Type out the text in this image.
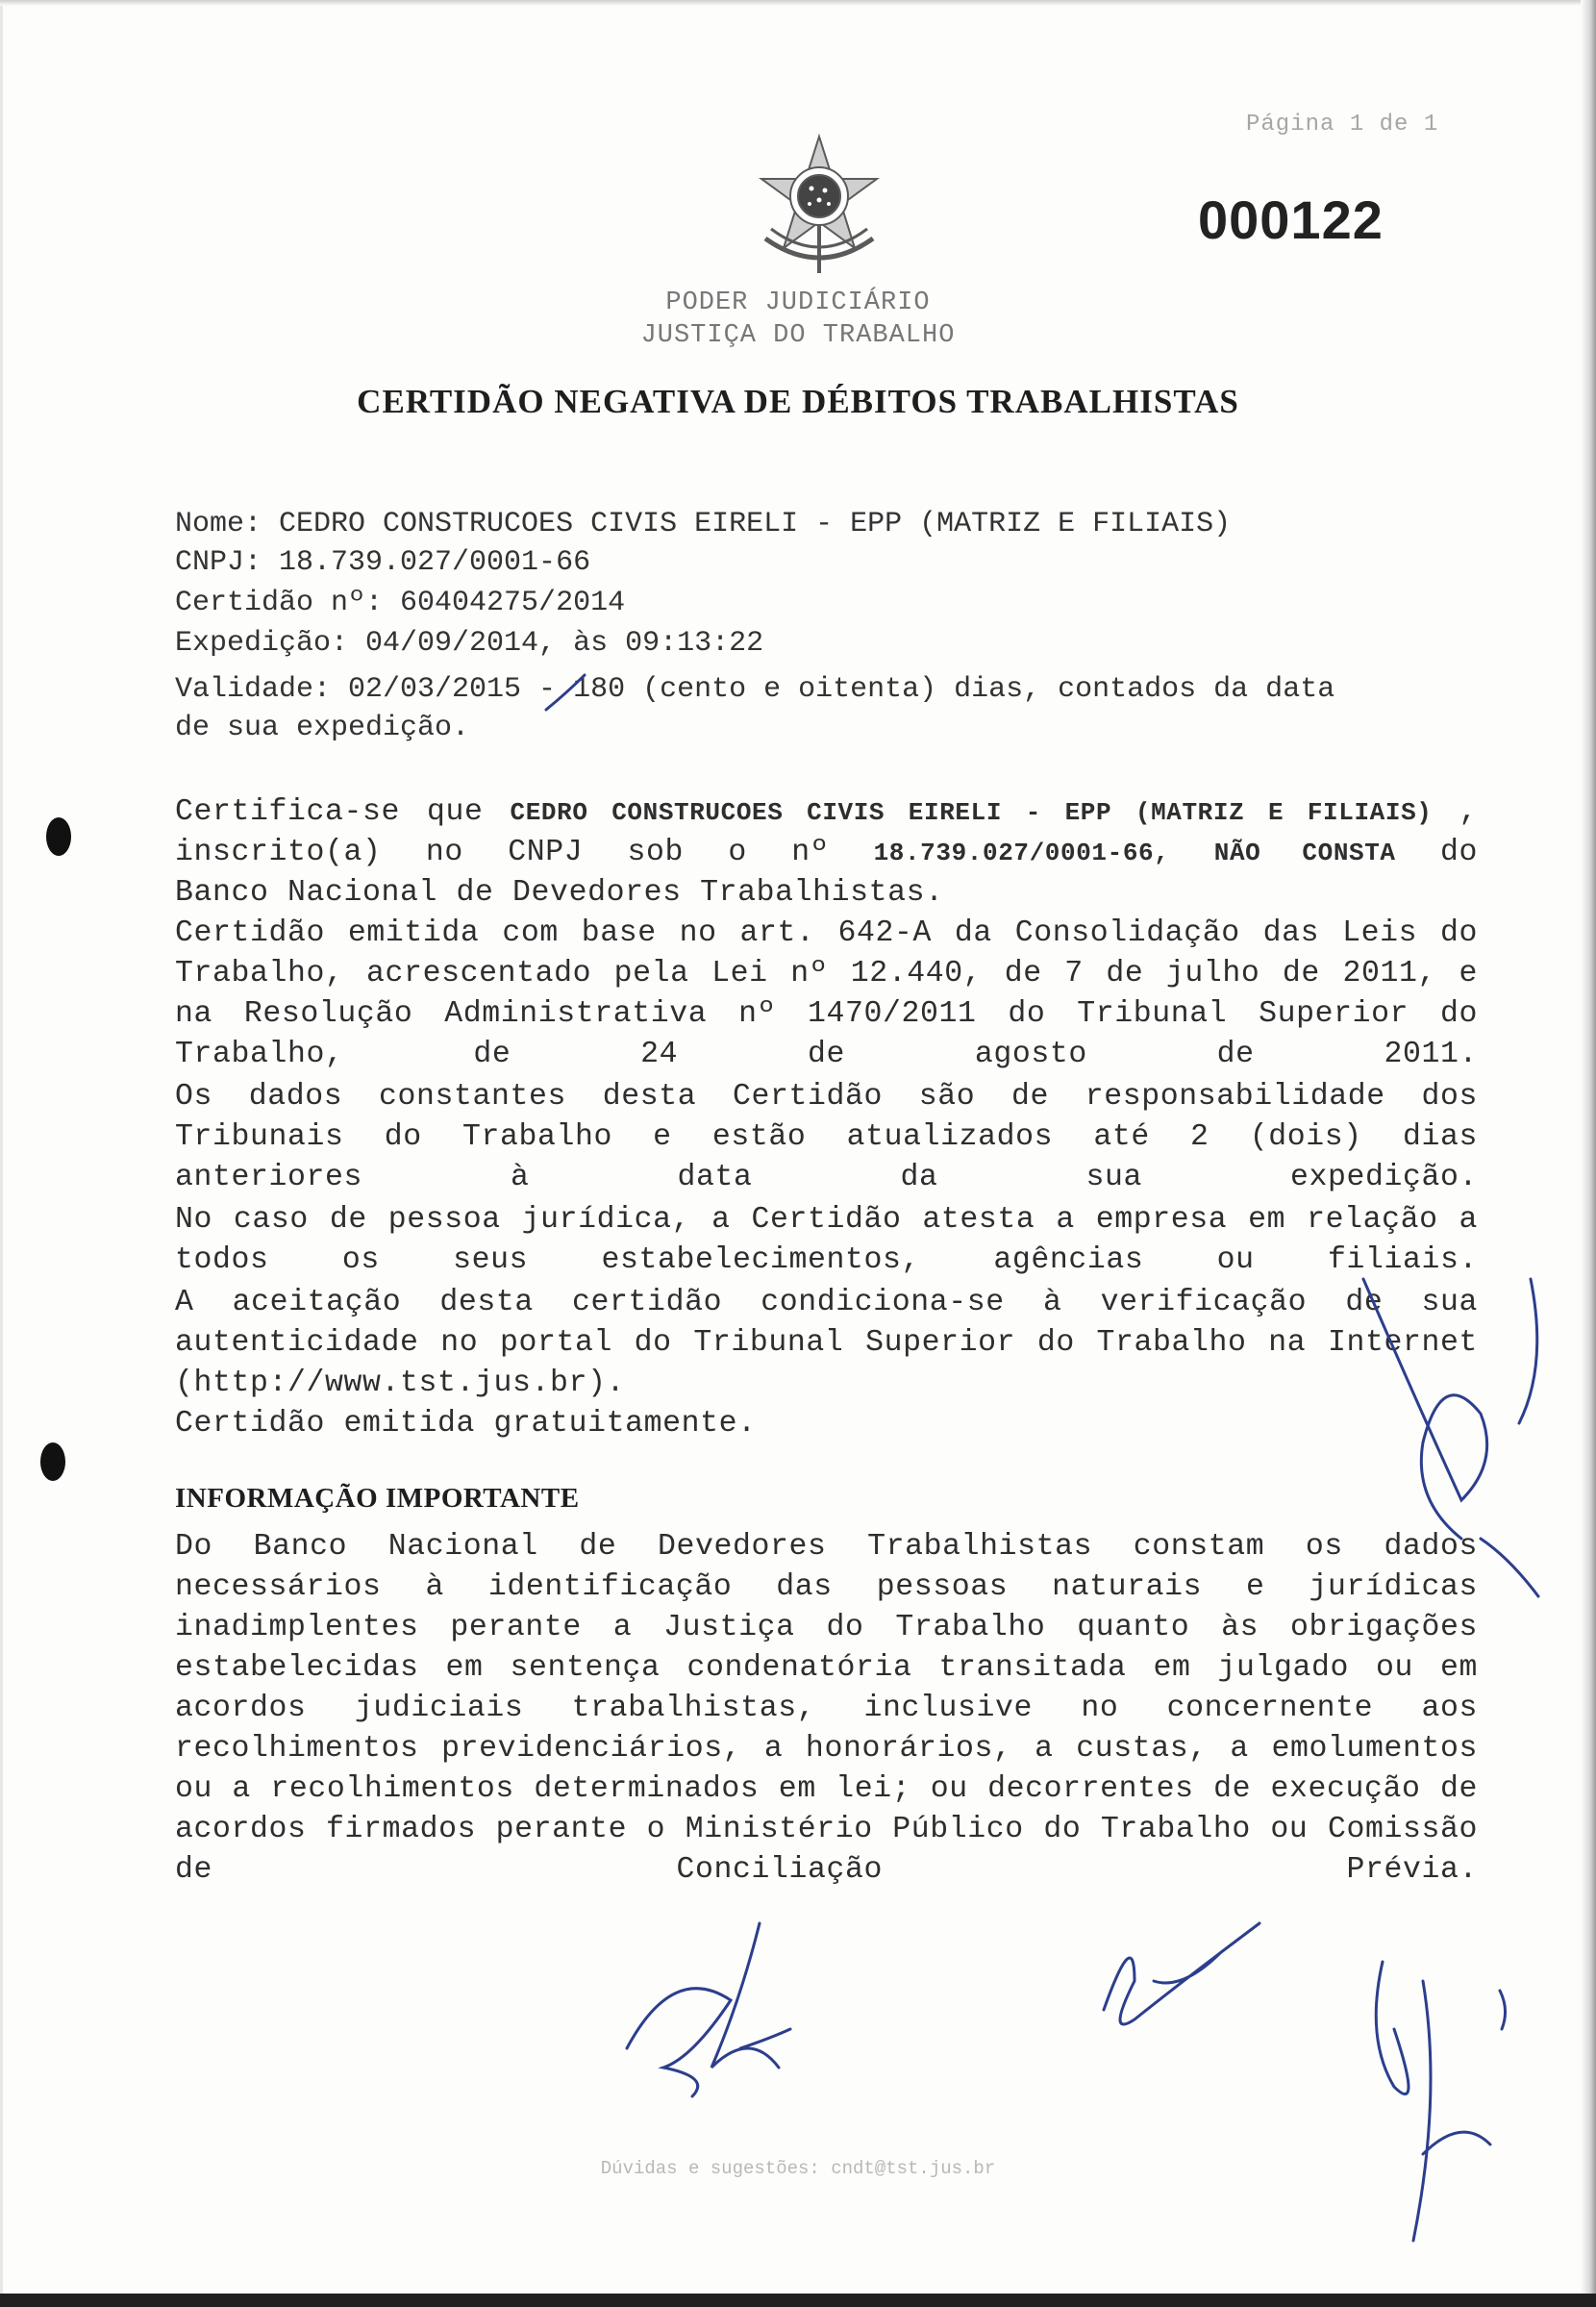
Página 1 de 1
000122
PODER JUDICIÁRIO
JUSTIÇA DO TRABALHO
CERTIDÃO NEGATIVA DE DÉBITOS TRABALHISTAS
Nome: CEDRO CONSTRUCOES CIVIS EIRELI - EPP (MATRIZ E FILIAIS)
CNPJ: 18.739.027/0001-66
Certidão nº: 60404275/2014
Expedição: 04/09/2014, às 09:13:22
Validade: 02/03/2015 - 180 (cento e oitenta) dias, contados da data
de sua expedição.
Certifica-se que CEDRO CONSTRUCOES CIVIS EIRELI - EPP (MATRIZ E FILIAIS) , inscrito(a) no CNPJ sob o nº 18.739.027/0001-66, NÃO CONSTA do
Banco Nacional de Devedores Trabalhistas.
Certidão emitida com base no art. 642-A da Consolidação das Leis do Trabalho, acrescentado pela Lei nº 12.440, de 7 de julho de 2011, e na Resolução Administrativa nº 1470/2011 do Tribunal Superior do Trabalho, de 24 de agosto de 2011.
Os dados constantes desta Certidão são de responsabilidade dos Tribunais do Trabalho e estão atualizados até 2 (dois) dias anteriores à data da sua expedição.
No caso de pessoa jurídica, a Certidão atesta a empresa em relação a todos os seus estabelecimentos, agências ou filiais.
A aceitação desta certidão condiciona-se à verificação de sua autenticidade no portal do Tribunal Superior do Trabalho na Internet (http://www.tst.jus.br).
Certidão emitida gratuitamente.
INFORMAÇÃO IMPORTANTE
Do Banco Nacional de Devedores Trabalhistas constam os dados necessários à identificação das pessoas naturais e jurídicas inadimplentes perante a Justiça do Trabalho quanto às obrigações estabelecidas em sentença condenatória transitada em julgado ou em acordos judiciais trabalhistas, inclusive no concernente aos recolhimentos previdenciários, a honorários, a custas, a emolumentos ou a recolhimentos determinados em lei; ou decorrentes de execução de acordos firmados perante o Ministério Público do Trabalho ou Comissão de Conciliação Prévia.
Dúvidas e sugestões: cndt@tst.jus.br
